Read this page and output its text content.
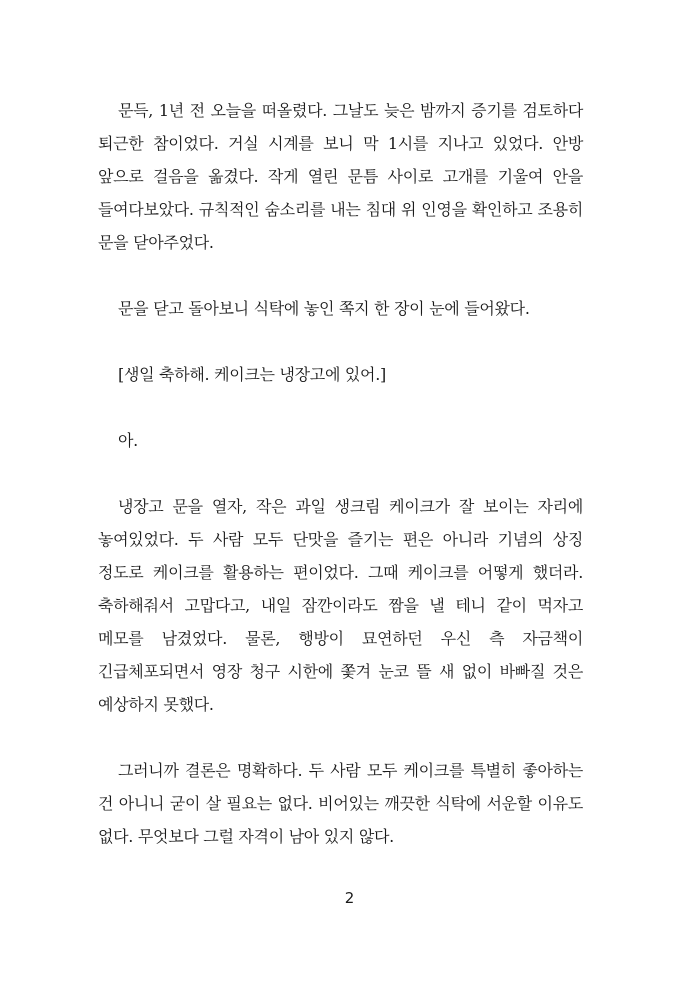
문득, 1년 전 오늘을 떠올렸다. 그날도 늦은 밤까지 증기를 검토하다 퇴근한 참이었다. 거실 시계를 보니 막 1시를 지나고 있었다. 안방 앞으로 걸음을 옮겼다. 작게 열린 문틈 사이로 고개를 기울여 안을 들여다보았다. 규칙적인 숨소리를 내는 침대 위 인영을 확인하고 조용히 문을 닫아주었다.

문을 닫고 돌아보니 식탁에 놓인 쪽지 한 장이 눈에 들어왔다.

[생일 축하해. 케이크는 냉장고에 있어.]

아.

냉장고 문을 열자, 작은 과일 생크림 케이크가 잘 보이는 자리에 놓여있었다. 두 사람 모두 단맛을 즐기는 편은 아니라 기념의 상징 정도로 케이크를 활용하는 편이었다. 그때 케이크를 어떻게 했더라. 축하해줘서 고맙다고, 내일 잠깐이라도 짬을 낼 테니 같이 먹자고 메모를 남겼었다. 물론, 행방이 묘연하던 우신 측 자금책이 긴급체포되면서 영장 청구 시한에 쫓겨 눈코 뜰 새 없이 바빠질 것은 예상하지 못했다.

그러니까 결론은 명확하다. 두 사람 모두 케이크를 특별히 좋아하는 건 아니니 굳이 살 필요는 없다. 비어있는 깨끗한 식탁에 서운할 이유도 없다. 무엇보다 그럴 자격이 남아 있지 않다.

2
